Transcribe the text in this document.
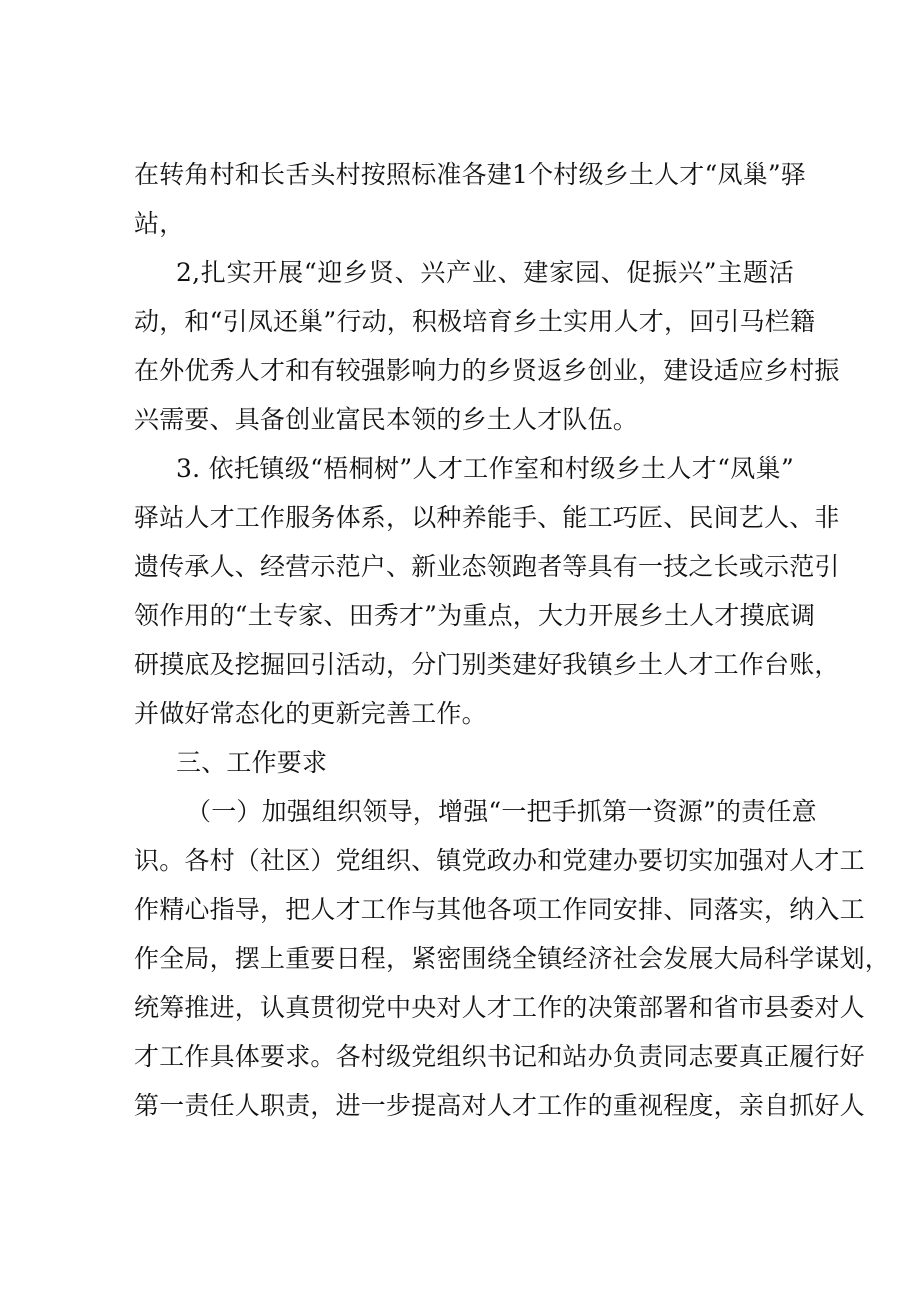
在转角村和长舌头村按照标准各建1个村级乡土人才“凤巢”驿
站，
2,扎实开展“迎乡贤、兴产业、建家园、促振兴”主题活
动，和“引凤还巢”行动，积极培育乡土实用人才，回引马栏籍
在外优秀人才和有较强影响力的乡贤返乡创业，建设适应乡村振
兴需要、具备创业富民本领的乡土人才队伍。
3. 依托镇级“梧桐树”人才工作室和村级乡土人才“凤巢”
驿站人才工作服务体系，以种养能手、能工巧匠、民间艺人、非
遗传承人、经营示范户、新业态领跑者等具有一技之长或示范引
领作用的“土专家、田秀才”为重点，大力开展乡土人才摸底调
研摸底及挖掘回引活动，分门别类建好我镇乡土人才工作台账，
并做好常态化的更新完善工作。
三、工作要求
（一）加强组织领导，增强“一把手抓第一资源”的责任意
识。各村（社区）党组织、镇党政办和党建办要切实加强对人才工
作精心指导，把人才工作与其他各项工作同安排、同落实，纳入工
作全局，摆上重要日程，紧密围绕全镇经济社会发展大局科学谋划，
统筹推进，认真贯彻党中央对人才工作的决策部署和省市县委对人
才工作具体要求。各村级党组织书记和站办负责同志要真正履行好
第一责任人职责，进一步提高对人才工作的重视程度，亲自抓好人
